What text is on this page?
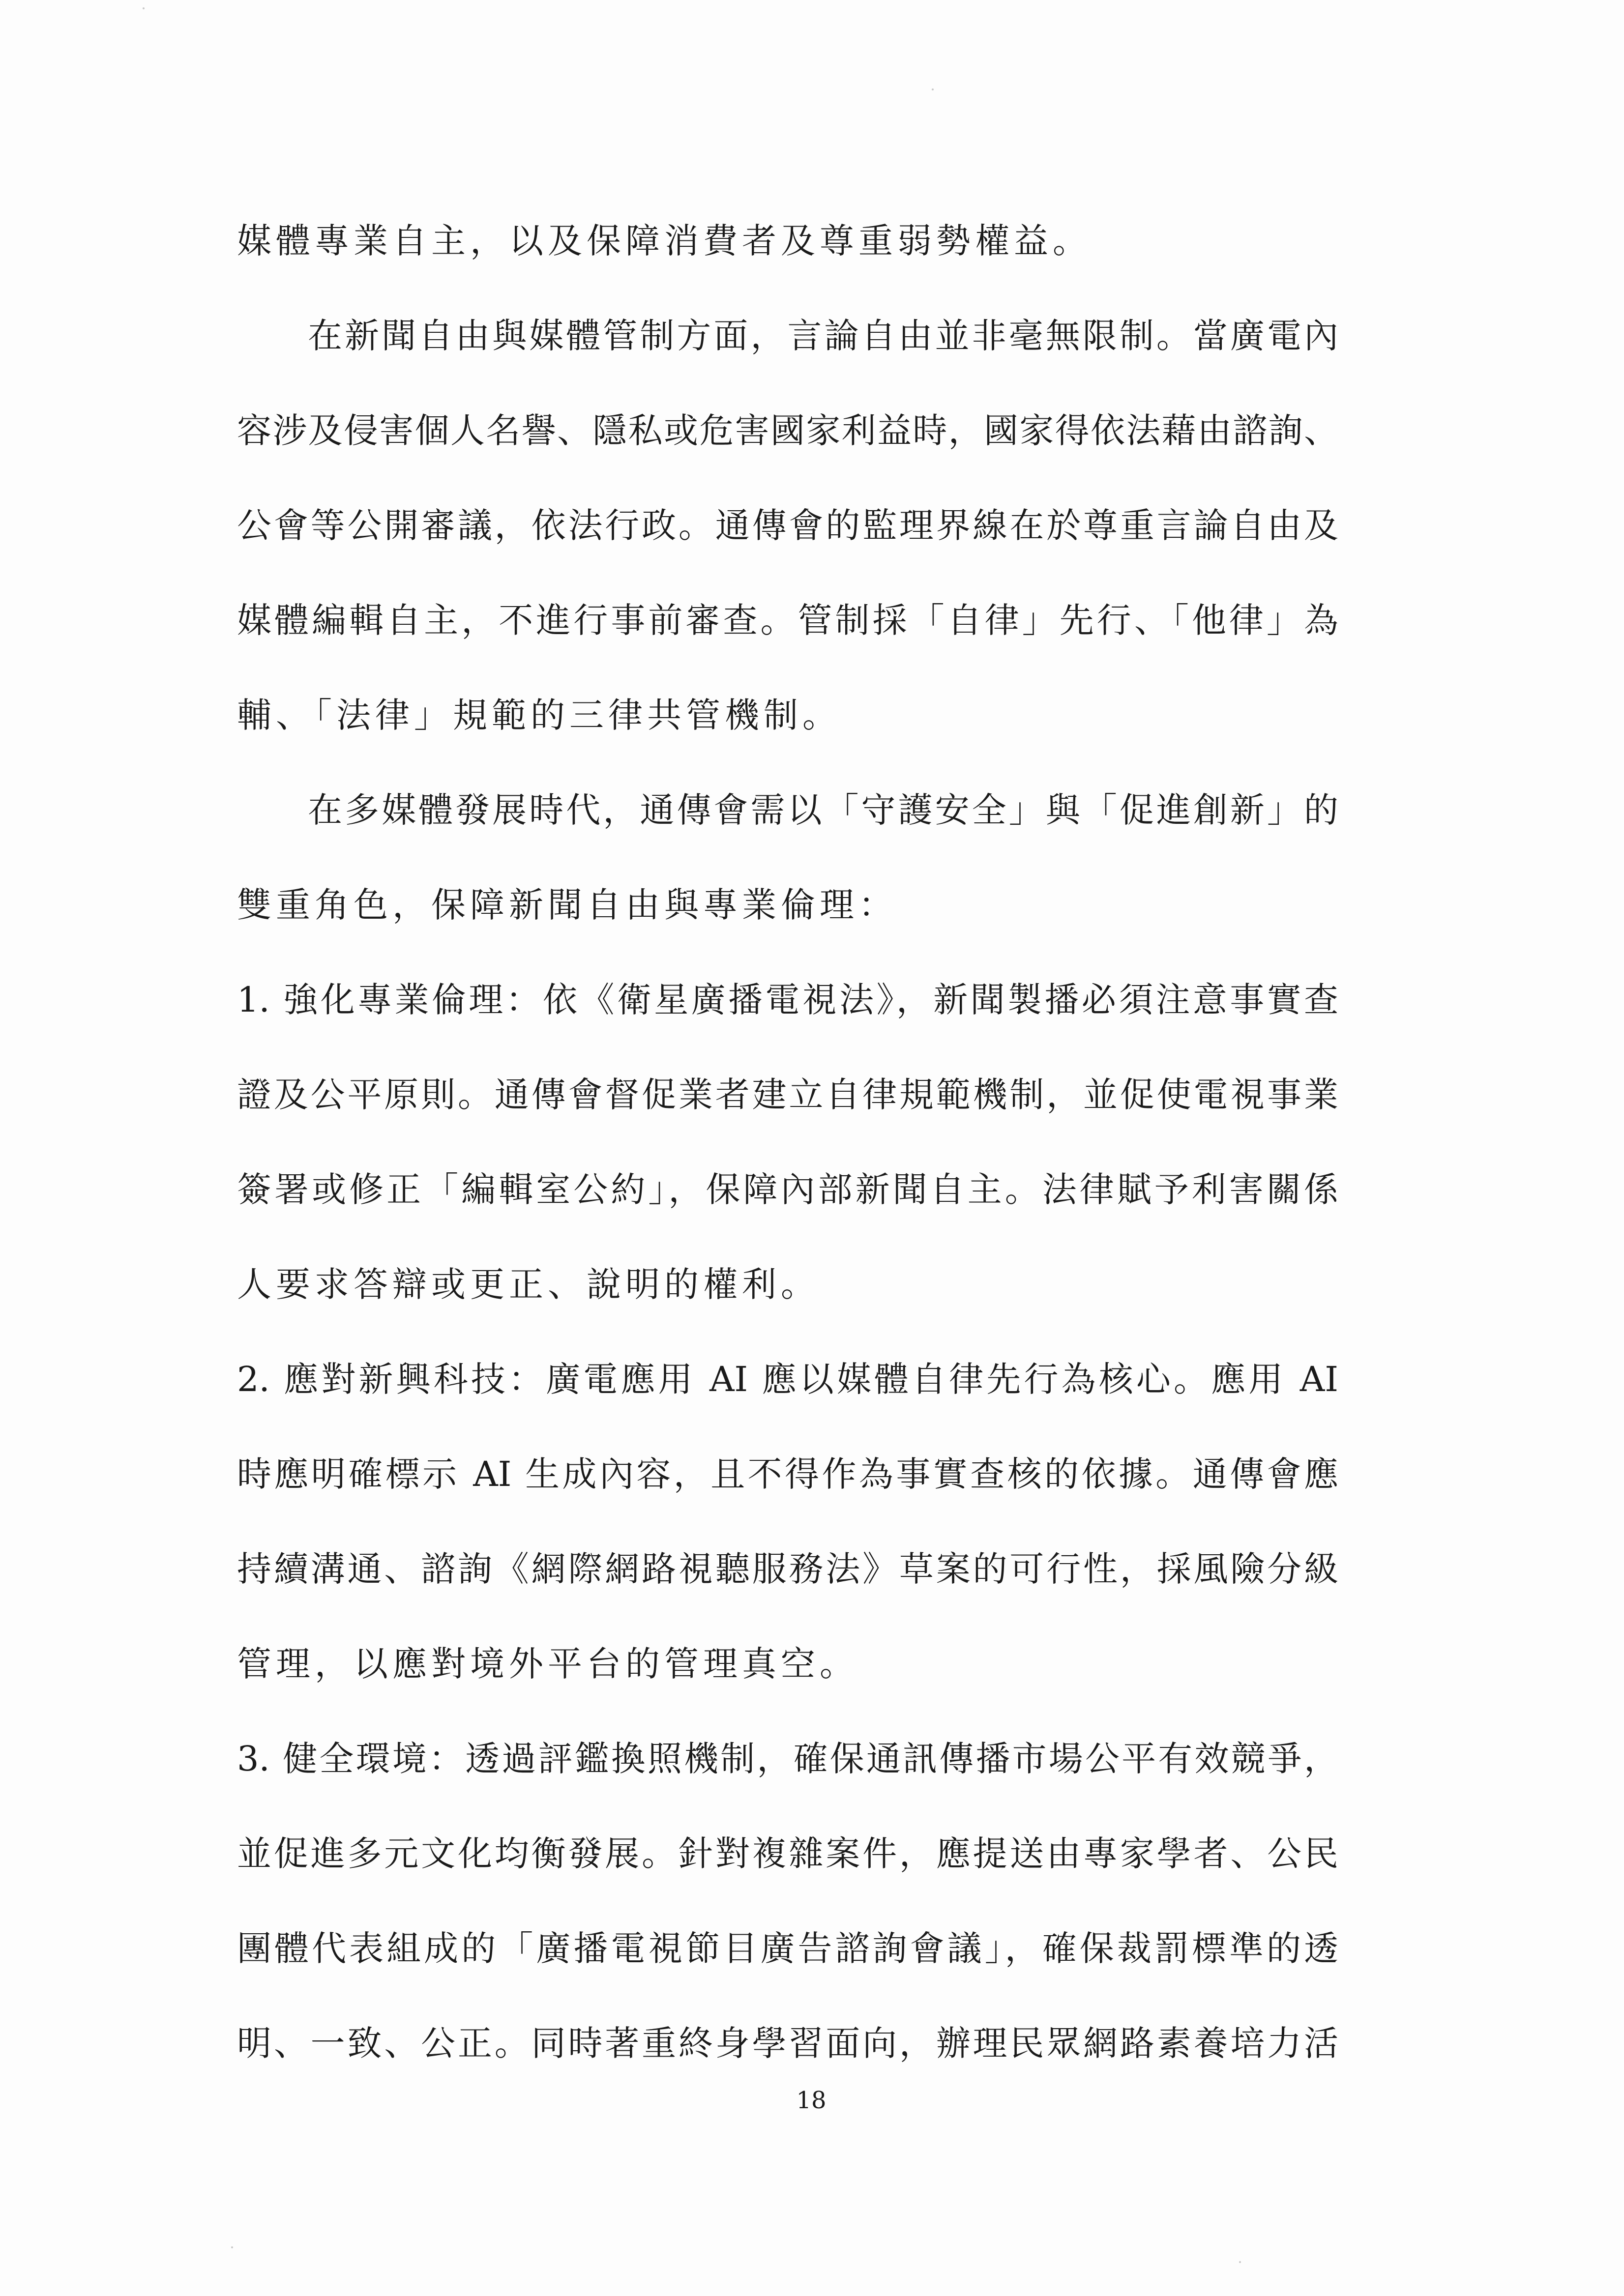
媒體專業自主，以及保障消費者及尊重弱勢權益。
在新聞自由與媒體管制方面，言論自由並非毫無限制。當廣電內
容涉及侵害個人名譽、隱私或危害國家利益時，國家得依法藉由諮詢、
公會等公開審議，依法行政。通傳會的監理界線在於尊重言論自由及
媒體編輯自主，不進行事前審查。管制採「自律」先行、「他律」為
輔、「法律」規範的三律共管機制。
在多媒體發展時代，通傳會需以「守護安全」與「促進創新」的
雙重角色，保障新聞自由與專業倫理：
1. 強化專業倫理：依《衛星廣播電視法》，新聞製播必須注意事實查
證及公平原則。通傳會督促業者建立自律規範機制，並促使電視事業
簽署或修正「編輯室公約」，保障內部新聞自主。法律賦予利害關係
人要求答辯或更正、說明的權利。
2. 應對新興科技：廣電應用 AI 應以媒體自律先行為核心。應用 AI
時應明確標示 AI 生成內容，且不得作為事實查核的依據。通傳會應
持續溝通、諮詢《網際網路視聽服務法》草案的可行性，採風險分級
管理，以應對境外平台的管理真空。
3. 健全環境：透過評鑑換照機制，確保通訊傳播市場公平有效競爭，
並促進多元文化均衡發展。針對複雜案件，應提送由專家學者、公民
團體代表組成的「廣播電視節目廣告諮詢會議」，確保裁罰標準的透
明、一致、公正。同時著重終身學習面向，辦理民眾網路素養培力活
18
